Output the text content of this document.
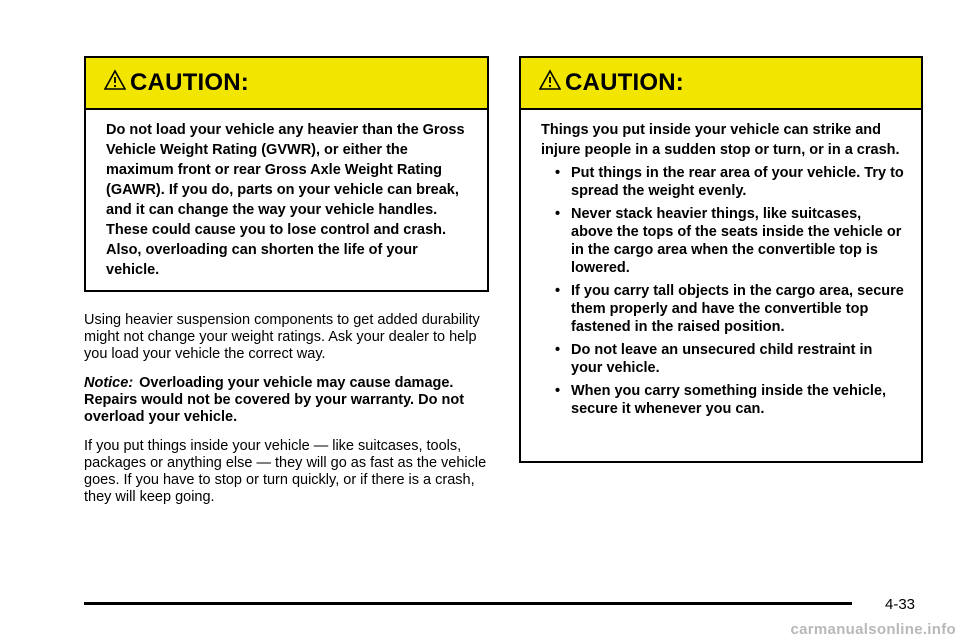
CAUTION:
Do not load your vehicle any heavier than the Gross Vehicle Weight Rating (GVWR), or either the maximum front or rear Gross Axle Weight Rating (GAWR). If you do, parts on your vehicle can break, and it can change the way your vehicle handles. These could cause you to lose control and crash. Also, overloading can shorten the life of your vehicle.
CAUTION:
Things you put inside your vehicle can strike and injure people in a sudden stop or turn, or in a crash.
• Put things in the rear area of your vehicle. Try to spread the weight evenly.
• Never stack heavier things, like suitcases, above the tops of the seats inside the vehicle or in the cargo area when the convertible top is lowered.
• If you carry tall objects in the cargo area, secure them properly and have the convertible top fastened in the raised position.
• Do not leave an unsecured child restraint in your vehicle.
• When you carry something inside the vehicle, secure it whenever you can.

Using heavier suspension components to get added durability might not change your weight ratings. Ask your dealer to help you load your vehicle the correct way.

Notice: Overloading your vehicle may cause damage. Repairs would not be covered by your warranty. Do not overload your vehicle.

If you put things inside your vehicle — like suitcases, tools, packages or anything else — they will go as fast as the vehicle goes. If you have to stop or turn quickly, or if there is a crash, they will keep going.

4-33
carmanualsonline.info
